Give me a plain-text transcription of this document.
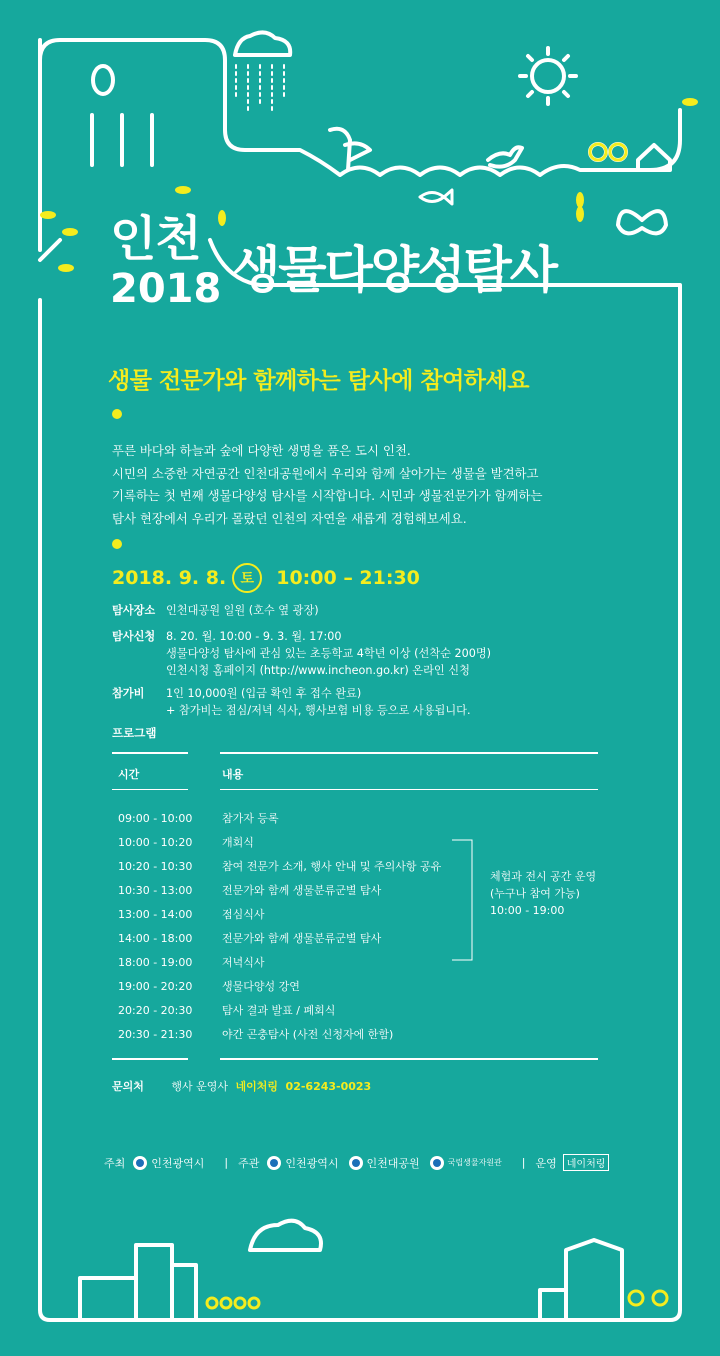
인천
2018 생물다양성탐사
생물 전문가와 함께하는 탐사에 참여하세요
푸른 바다와 하늘과 숲에 다양한 생명을 품은 도시 인천.
시민의 소중한 자연공간 인천대공원에서 우리와 함께 살아가는 생물을 발견하고
기록하는 첫 번째 생물다양성 탐사를 시작합니다. 시민과 생물전문가가 함께하는
탐사 현장에서 우리가 몰랐던 인천의 자연을 새롭게 경험해보세요.
2018. 9. 8.	토	10:00 – 21:30
탐사장소 인천대공원 일원 (호수 옆 광장)
탐사신청 8. 20. 월. 10:00 - 9. 3. 월. 17:00
생물다양성 탐사에 관심 있는 초등학교 4학년 이상 (선착순 200명)
인천시청 홈페이지 (http://www.incheon.go.kr) 온라인 신청
참가비 1인 10,000원 (입금 확인 후 접수 완료)
+ 참가비는 점심/저녁 식사, 행사보험 비용 등으로 사용됩니다.
프로그램
시간	내용
09:00 - 10:00	참가자 등록
10:00 - 10:20	개회식
10:20 - 10:30	참여 전문가 소개, 행사 안내 및 주의사항 공유
10:30 - 13:00	전문가와 함께 생물분류군별 탐사
13:00 - 14:00	점심식사
14:00 - 18:00	전문가와 함께 생물분류군별 탐사
18:00 - 19:00	저녁식사
19:00 - 20:20	생물다양성 강연
20:20 - 20:30	탐사 결과 발표 / 폐회식
20:30 - 21:30	야간 곤충탐사 (사전 신청자에 한함)
체험과 전시 공간 운영
(누구나 참여 가능)
10:00 - 19:00
문의처	행사 운영사 네이처링 02-6243-0023
주최 인천광역시 | 주관 인천광역시	인천대공원	국립생물자원관 | 운영	네이처링
